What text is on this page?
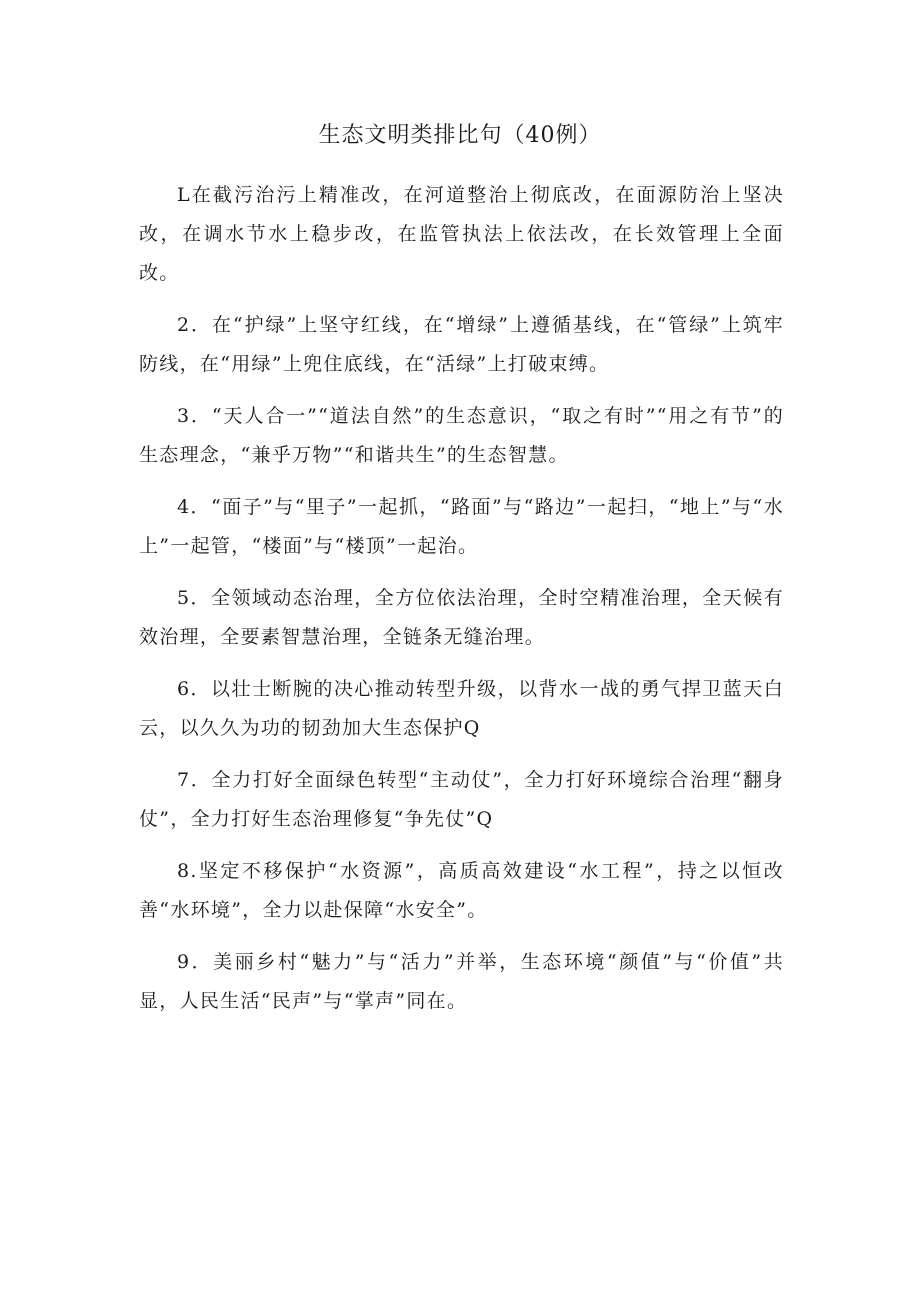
生态文明类排比句（40例）

L在截污治污上精准改，在河道整治上彻底改，在面源防治上坚决改，在调水节水上稳步改，在监管执法上依法改，在长效管理上全面改。

2．在“护绿”上坚守红线，在“增绿”上遵循基线，在“管绿”上筑牢防线，在“用绿”上兜住底线，在“活绿”上打破束缚。

3．“天人合一”“道法自然”的生态意识，“取之有时”“用之有节”的生态理念，“兼乎万物”“和谐共生”的生态智慧。

4．“面子”与“里子”一起抓，“路面”与“路边”一起扫，“地上”与“水上”一起管，“楼面”与“楼顶”一起治。

5．全领域动态治理，全方位依法治理，全时空精准治理，全天候有效治理，全要素智慧治理，全链条无缝治理。

6．以壮士断腕的决心推动转型升级，以背水一战的勇气捍卫蓝天白云，以久久为功的韧劲加大生态保护Q

7．全力打好全面绿色转型“主动仗”，全力打好环境综合治理“翻身仗”，全力打好生态治理修复“争先仗”Q

8.坚定不移保护“水资源”，高质高效建设“水工程”，持之以恒改善“水环境”，全力以赴保障“水安全”。

9．美丽乡村“魅力”与“活力”并举，生态环境“颜值”与“价值”共显，人民生活“民声”与“掌声”同在。
